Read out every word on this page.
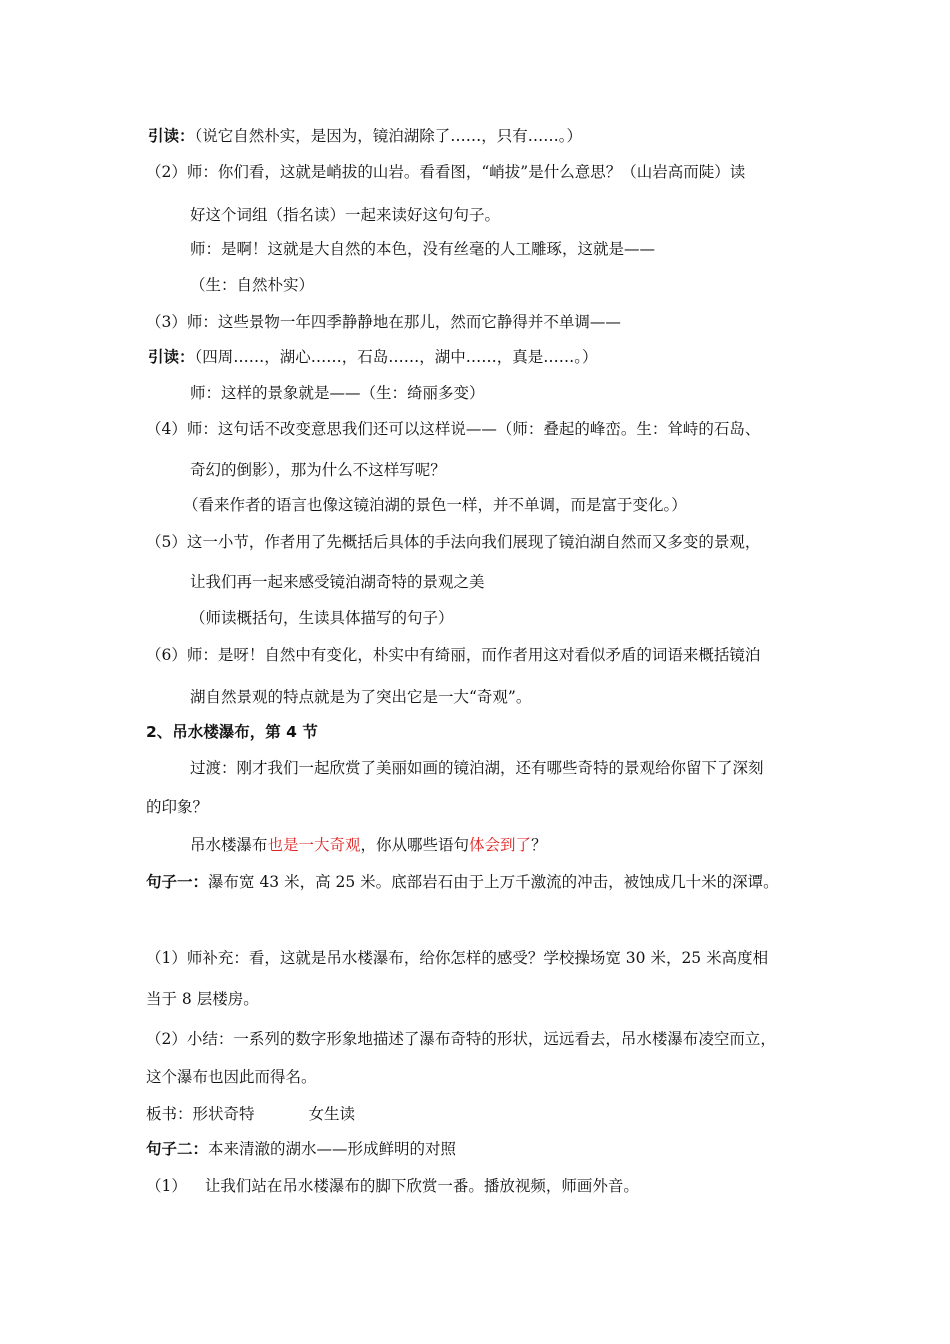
引读：（说它自然朴实，是因为，镜泊湖除了……，只有……。）
（2）师：你们看，这就是峭拔的山岩。看看图，“峭拔”是什么意思？（山岩高而陡）读
好这个词组（指名读）一起来读好这句句子。
师：是啊！这就是大自然的本色，没有丝毫的人工雕琢，这就是——
（生：自然朴实）
（3）师：这些景物一年四季静静地在那儿，然而它静得并不单调——
引读：（四周……，湖心……，石岛……，湖中……，真是……。）
师：这样的景象就是——（生：绮丽多变）
（4）师：这句话不改变意思我们还可以这样说——（师：叠起的峰峦。生：耸峙的石岛、
奇幻的倒影），那为什么不这样写呢？
（看来作者的语言也像这镜泊湖的景色一样，并不单调，而是富于变化。）
（5）这一小节，作者用了先概括后具体的手法向我们展现了镜泊湖自然而又多变的景观，
让我们再一起来感受镜泊湖奇特的景观之美
（师读概括句，生读具体描写的句子）
（6）师：是呀！自然中有变化，朴实中有绮丽，而作者用这对看似矛盾的词语来概括镜泊
湖自然景观的特点就是为了突出它是一大“奇观”。
2、吊水楼瀑布，第 4 节
过渡：刚才我们一起欣赏了美丽如画的镜泊湖，还有哪些奇特的景观给你留下了深刻
的印象？
吊水楼瀑布也是一大奇观，你从哪些语句体会到了？
句子一：瀑布宽 43 米，高 25 米。底部岩石由于上万千激流的冲击，被蚀成几十米的深谭。
（1）师补充：看，这就是吊水楼瀑布，给你怎样的感受？学校操场宽 30 米，25 米高度相
当于 8 层楼房。
（2）小结：一系列的数字形象地描述了瀑布奇特的形状，远远看去，吊水楼瀑布凌空而立，
这个瀑布也因此而得名。
板书：形状奇特	女生读
句子二：本来清澈的湖水——形成鲜明的对照
（1） 让我们站在吊水楼瀑布的脚下欣赏一番。播放视频，师画外音。
